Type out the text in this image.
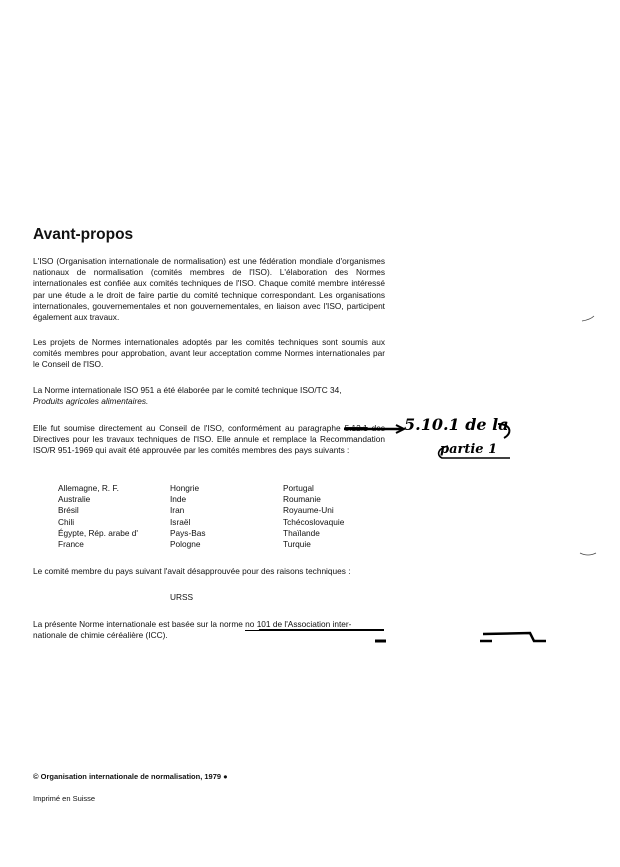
Avant-propos

L'ISO (Organisation internationale de normalisation) est une fédération mondiale d'organismes nationaux de normalisation (comités membres de l'ISO). L'élaboration des Normes internationales est confiée aux comités techniques de l'ISO. Chaque comité membre intéressé par une étude a le droit de faire partie du comité technique correspondant. Les organisations internationales, gouvernementales et non gouvernementales, en liaison avec l'ISO, participent également aux travaux.

Les projets de Normes internationales adoptés par les comités techniques sont soumis aux comités membres pour approbation, avant leur acceptation comme Normes internationales par le Conseil de l'ISO.

La Norme internationale ISO 951 a été élaborée par le comité technique ISO/TC 34,
Produits agricoles alimentaires.

Elle fut soumise directement au Conseil de l'ISO, conformément au paragraphe 5.12.1 des Directives pour les travaux techniques de l'ISO. Elle annule et remplace la Recommandation ISO/R 951-1969 qui avait été approuvée par les comités membres des pays suivants :

Allemagne, R. F.
Australie
Brésil
Chili
Égypte, Rép. arabe d'
France
Hongrie
Inde
Iran
Israël
Pays-Bas
Pologne
Portugal
Roumanie
Royaume-Uni
Tchécoslovaquie
Thaïlande
Turquie
Le comité membre du pays suivant l'avait désapprouvée pour des raisons techniques :
URSS
La présente Norme internationale est basée sur la norme no 101 de l'Association inter-
nationale de chimie céréalière (ICC).
5.10.1 de la
partie 1
© Organisation internationale de normalisation, 1979 ●
Imprimé en Suisse
